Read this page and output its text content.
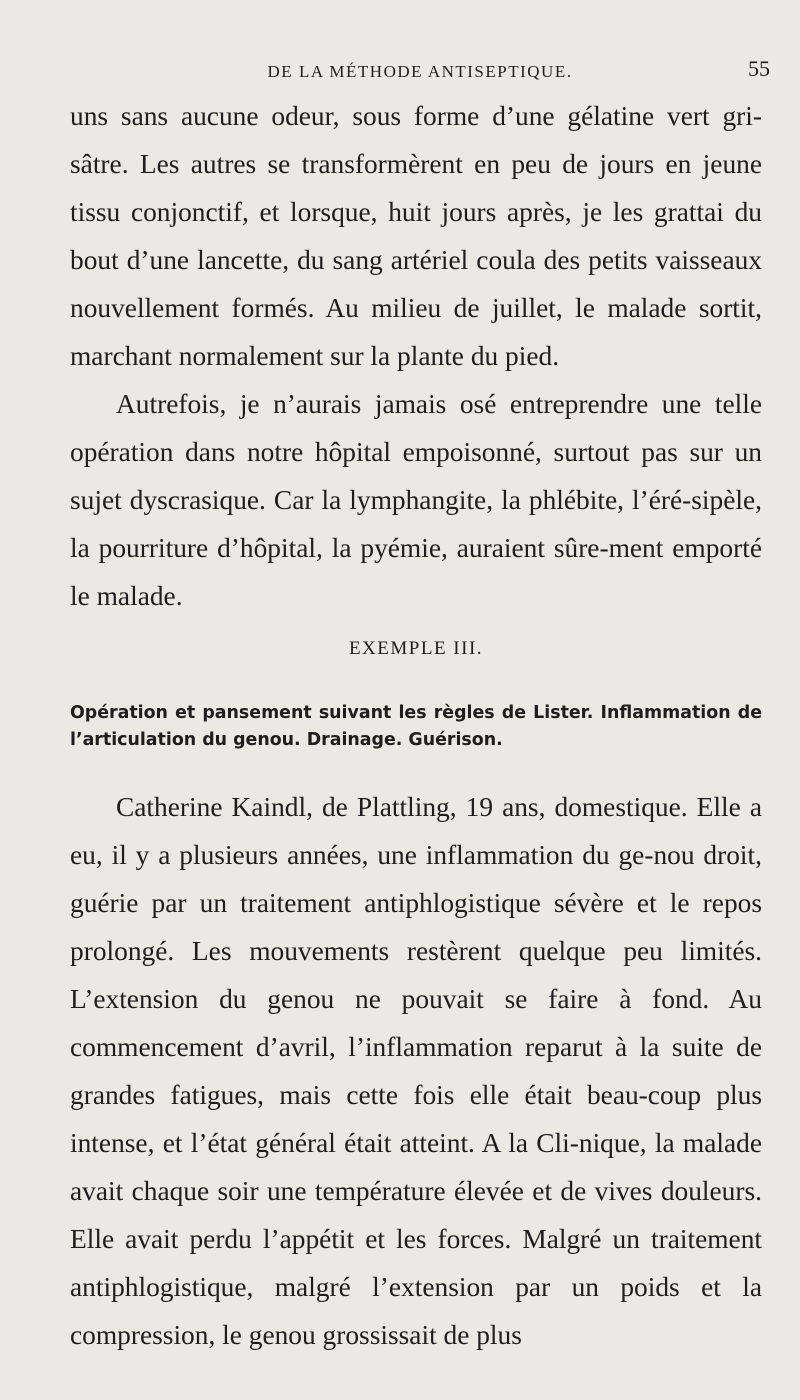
DE LA MÉTHODE ANTISEPTIQUE.	55

uns sans aucune odeur, sous forme d’une gélatine vert gri-sâtre. Les autres se transformèrent en peu de jours en jeune tissu conjonctif, et lorsque, huit jours après, je les grattai du bout d’une lancette, du sang artériel coula des petits vaisseaux nouvellement formés. Au milieu de juillet, le malade sortit, marchant normalement sur la plante du pied.

Autrefois, je n’aurais jamais osé entreprendre une telle opération dans notre hôpital empoisonné, surtout pas sur un sujet dyscrasique. Car la lymphangite, la phlébite, l’éré-sipèle, la pourriture d’hôpital, la pyémie, auraient sûre-ment emporté le malade.

EXEMPLE III.

Opération et pansement suivant les règles de Lister. Inflammation de l’articulation du genou. Drainage. Guérison.

Catherine Kaindl, de Plattling, 19 ans, domestique. Elle a eu, il y a plusieurs années, une inflammation du ge-nou droit, guérie par un traitement antiphlogistique sévère et le repos prolongé. Les mouvements restèrent quelque peu limités. L’extension du genou ne pouvait se faire à fond. Au commencement d’avril, l’inflammation reparut à la suite de grandes fatigues, mais cette fois elle était beau-coup plus intense, et l’état général était atteint. A la Cli-nique, la malade avait chaque soir une température élevée et de vives douleurs. Elle avait perdu l’appétit et les forces. Malgré un traitement antiphlogistique, malgré l’extension par un poids et la compression, le genou grossissait de plus
